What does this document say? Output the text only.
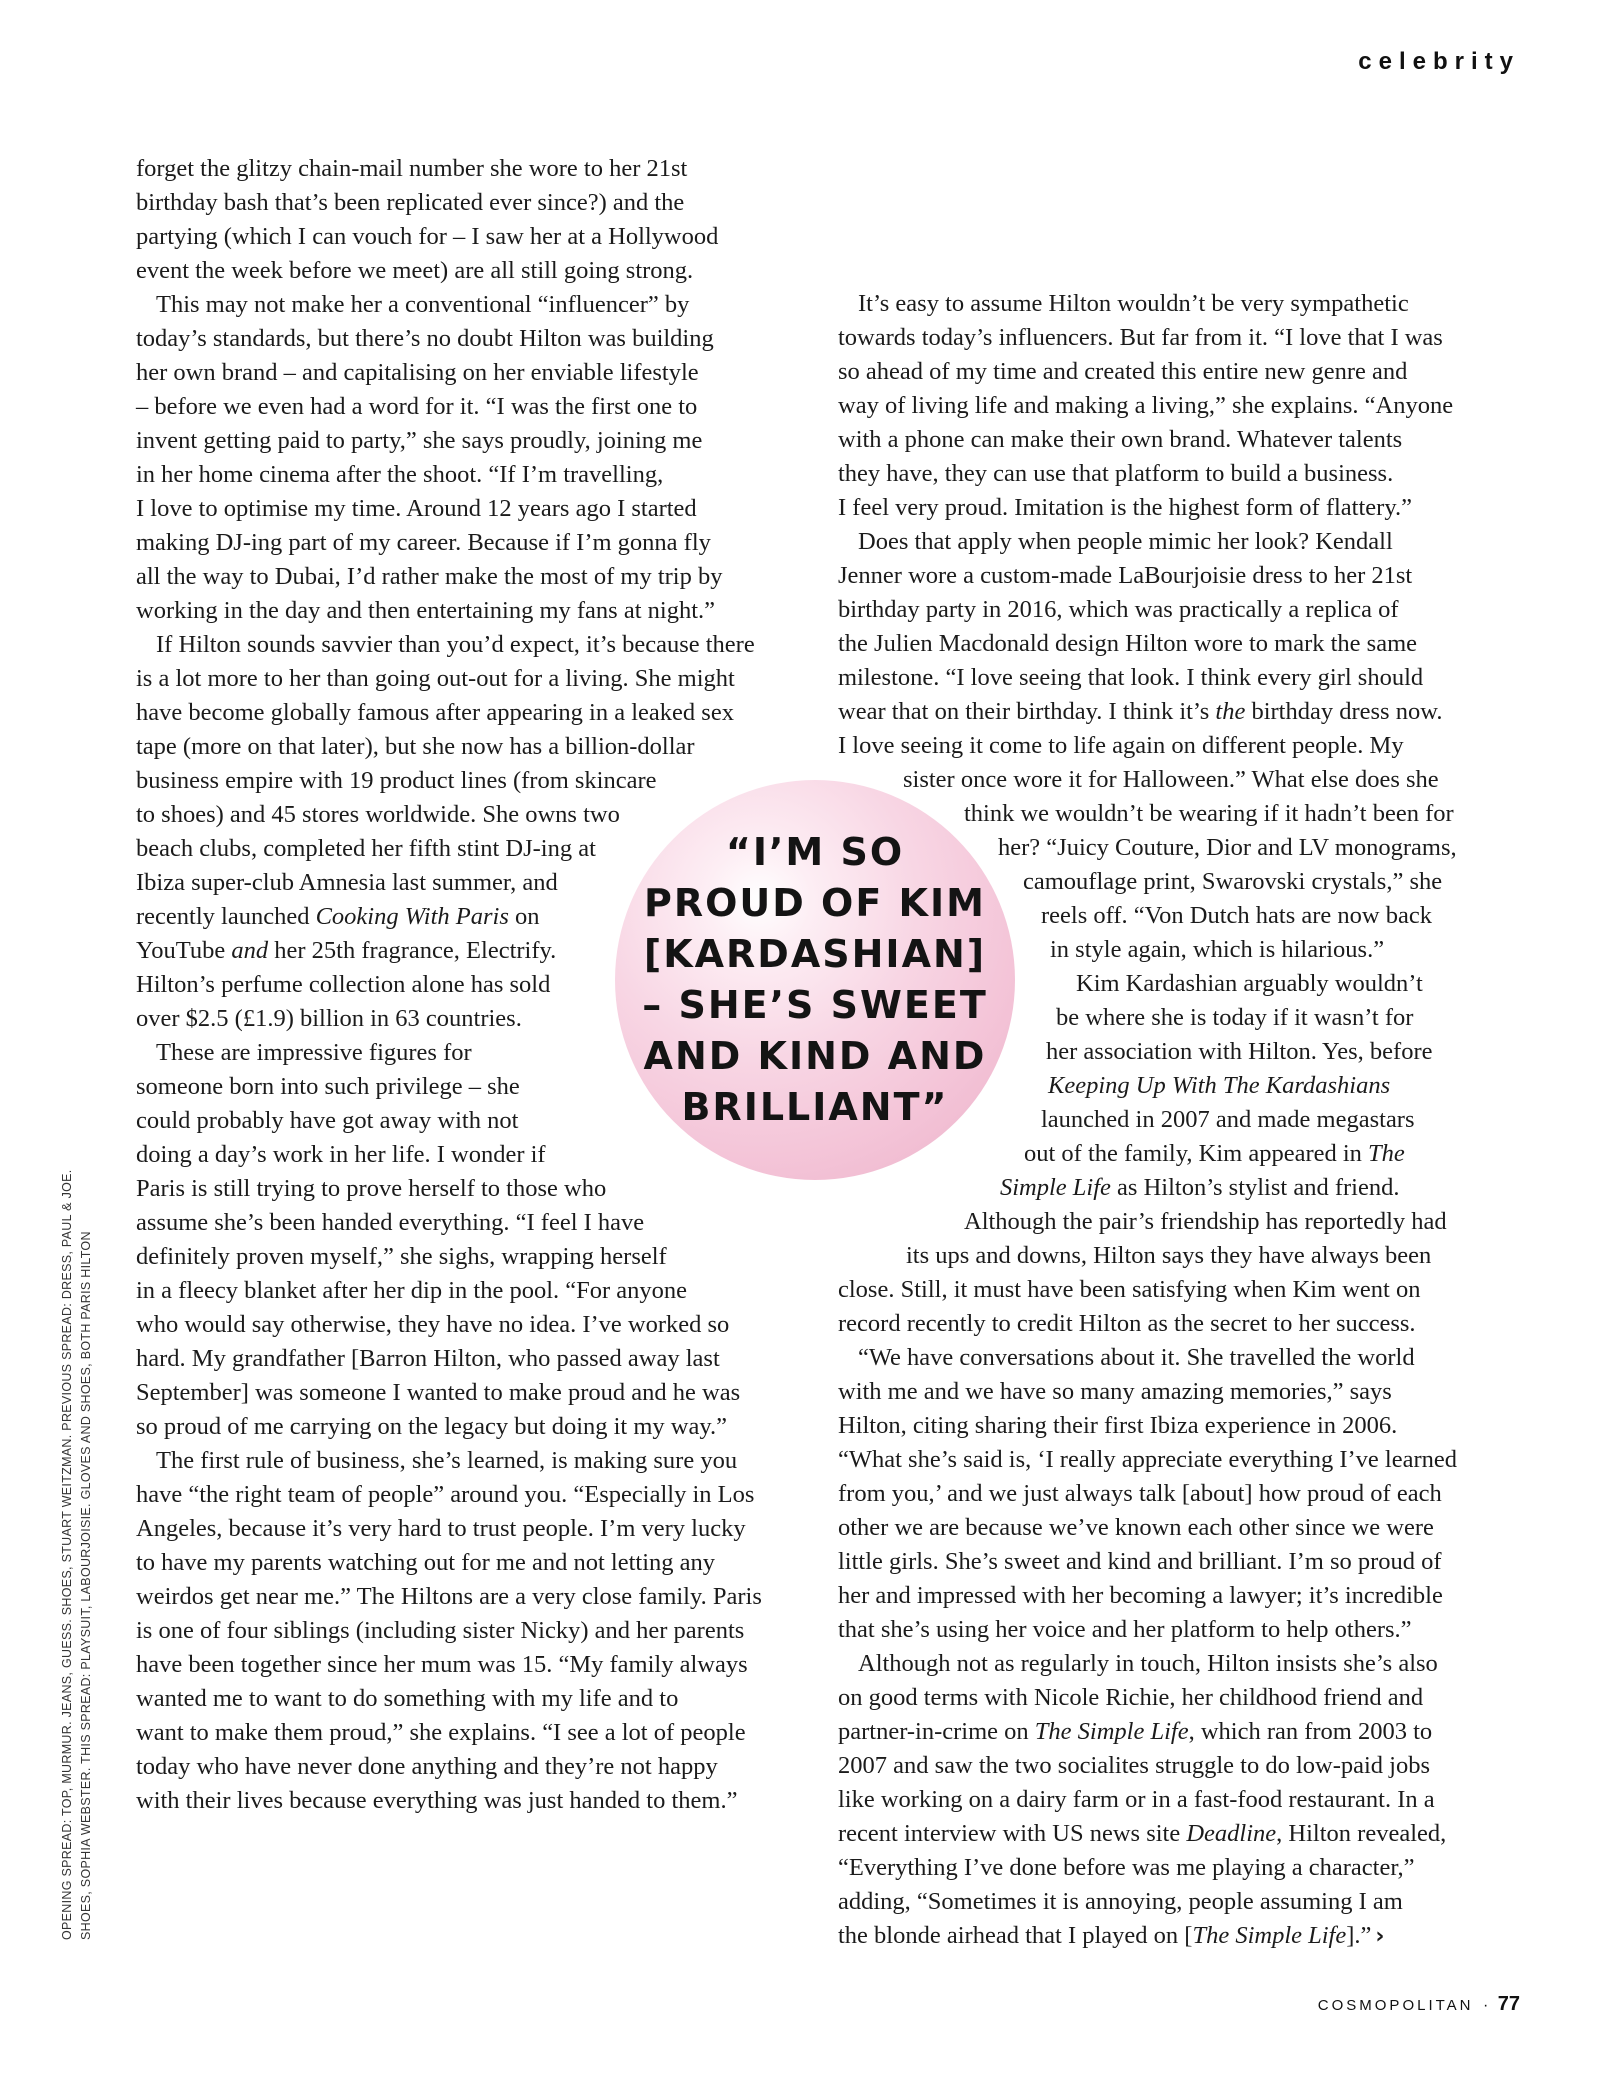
celebrity
forget the glitzy chain-mail number she wore to her 21st
birthday bash that’s been replicated ever since?) and the
partying (which I can vouch for – I saw her at a Hollywood
event the week before we meet) are all still going strong.
This may not make her a conventional “influencer” by
today’s standards, but there’s no doubt Hilton was building
her own brand – and capitalising on her enviable lifestyle
– before we even had a word for it. “I was the first one to
invent getting paid to party,” she says proudly, joining me
in her home cinema after the shoot. “If I’m travelling,
I love to optimise my time. Around 12 years ago I started
making DJ-ing part of my career. Because if I’m gonna fly
all the way to Dubai, I’d rather make the most of my trip by
working in the day and then entertaining my fans at night.”
If Hilton sounds savvier than you’d expect, it’s because there
is a lot more to her than going out-out for a living. She might
have become globally famous after appearing in a leaked sex
tape (more on that later), but she now has a billion-dollar
business empire with 19 product lines (from skincare
to shoes) and 45 stores worldwide. She owns two
beach clubs, completed her fifth stint DJ-ing at
Ibiza super-club Amnesia last summer, and
recently launched Cooking With Paris on
YouTube and her 25th fragrance, Electrify.
Hilton’s perfume collection alone has sold
over $2.5 (£1.9) billion in 63 countries.
These are impressive figures for
someone born into such privilege – she
could probably have got away with not
doing a day’s work in her life. I wonder if
Paris is still trying to prove herself to those who
assume she’s been handed everything. “I feel I have
definitely proven myself,” she sighs, wrapping herself
in a fleecy blanket after her dip in the pool. “For anyone
who would say otherwise, they have no idea. I’ve worked so
hard. My grandfather [Barron Hilton, who passed away last
September] was someone I wanted to make proud and he was
so proud of me carrying on the legacy but doing it my way.”
The first rule of business, she’s learned, is making sure you
have “the right team of people” around you. “Especially in Los
Angeles, because it’s very hard to trust people. I’m very lucky
to have my parents watching out for me and not letting any
weirdos get near me.” The Hiltons are a very close family. Paris
is one of four siblings (including sister Nicky) and her parents
have been together since her mum was 15. “My family always
wanted me to want to do something with my life and to
want to make them proud,” she explains. “I see a lot of people
today who have never done anything and they’re not happy
with their lives because everything was just handed to them.”
It’s easy to assume Hilton wouldn’t be very sympathetic
towards today’s influencers. But far from it. “I love that I was
so ahead of my time and created this entire new genre and
way of living life and making a living,” she explains. “Anyone
with a phone can make their own brand. Whatever talents
they have, they can use that platform to build a business.
I feel very proud. Imitation is the highest form of flattery.”
Does that apply when people mimic her look? Kendall
Jenner wore a custom-made LaBourjoisie dress to her 21st
birthday party in 2016, which was practically a replica of
the Julien Macdonald design Hilton wore to mark the same
milestone. “I love seeing that look. I think every girl should
wear that on their birthday. I think it’s the birthday dress now.
I love seeing it come to life again on different people. My
sister once wore it for Halloween.” What else does she
think we wouldn’t be wearing if it hadn’t been for
her? “Juicy Couture, Dior and LV monograms,
camouflage print, Swarovski crystals,” she
reels off. “Von Dutch hats are now back
in style again, which is hilarious.”
Kim Kardashian arguably wouldn’t
be where she is today if it wasn’t for
her association with Hilton. Yes, before
Keeping Up With The Kardashians
launched in 2007 and made megastars
out of the family, Kim appeared in The
Simple Life as Hilton’s stylist and friend.
Although the pair’s friendship has reportedly had
its ups and downs, Hilton says they have always been
close. Still, it must have been satisfying when Kim went on
record recently to credit Hilton as the secret to her success.
“We have conversations about it. She travelled the world
with me and we have so many amazing memories,” says
Hilton, citing sharing their first Ibiza experience in 2006.
“What she’s said is, ‘I really appreciate everything I’ve learned
from you,’ and we just always talk [about] how proud of each
other we are because we’ve known each other since we were
little girls. She’s sweet and kind and brilliant. I’m so proud of
her and impressed with her becoming a lawyer; it’s incredible
that she’s using her voice and her platform to help others.”
Although not as regularly in touch, Hilton insists she’s also
on good terms with Nicole Richie, her childhood friend and
partner-in-crime on The Simple Life, which ran from 2003 to
2007 and saw the two socialites struggle to do low-paid jobs
like working on a dairy farm or in a fast-food restaurant. In a
recent interview with US news site Deadline, Hilton revealed,
“Everything I’ve done before was me playing a character,”
adding, “Sometimes it is annoying, people assuming I am
the blonde airhead that I played on [The Simple Life].” ›

“I’M SO
PROUD OF KIM
[KARDASHIAN]
– SHE’S SWEET
AND KIND AND
BRILLIANT”

OPENING SPREAD: TOP, MURMUR. JEANS, GUESS. SHOES, STUART WEITZMAN. PREVIOUS SPREAD: DRESS, PAUL & JOE. SHOES, SOPHIA WEBSTER. THIS SPREAD: PLAYSUIT, LABOURJOISIE. GLOVES AND SHOES, BOTH PARIS HILTON
COSMOPOLITAN · 77
